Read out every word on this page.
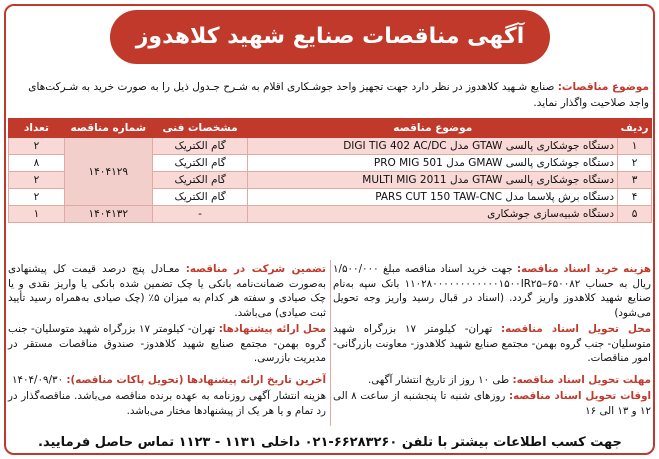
آگهی مناقصات صنایع شهید کلاهدوز
موضوع مناقصات: صنایع شـهید کلاهدوز در نظر دارد جهت تجهیز واحد جوشـکاری اقلام به شـرح جـدول ذیل را به صورت خرید به شـرکت‌های واجد صلاحیت واگذار نماید.
ردیف	موضوع مناقصه	مشخصات فنی	شماره مناقصه	تعداد
۱	دستگاه جوشکاری پالسی GTAW مدل DIGI TIG 402 AC/DC	گام الکتریک	۱۴۰۴۱۲۹	۲
۲	دستگاه جوشکاری پالسی GMAW مدل PRO MIG 501	گام الکتریک		۸
۳	دستگاه جوشکاری پالسی GTAW مدل MULTI MIG 2011	گام الکتریک		۲
۴	دستگاه برش پلاسما مدل PARS CUT 150 TAW-CNC	گام الکتریک		۲
۵	دستگاه شبیه‌سازی جوشکاری	-	۱۴۰۴۱۳۲	۱
هزینه خرید اسناد مناقصه: جهت خرید اسناد مناقصه مبلغ ۱/۵۰۰/۰۰۰ ریال به حساب ۶۵۰۰۸۲–۱۱۰۲۸۰۰۰۰۰۰۰۰۰۰۰۰۱۵۰۰IR۲۵ بانک سپه به‌نام صنایع شهید کلاهدوز واریز گردد. (اسناد در قبال رسید واریز وجه تحویل می‌شود)
محل تحویل اسناد مناقصه: تهران- کیلومتر ۱۷ بزرگراه شهید متوسلیان- جنب گروه بهمن- مجتمع صنایع شهید کلاهدوز- معاونت بازرگانی- امور مناقصات.
مهلت تحویل اسناد مناقصه: طی ۱۰ روز از تاریخ انتشار آگهی.
اوقات تحویل اسناد مناقصه: روزهای شنبه تا پنجشنبه از ساعت ۸ الی ۱۲ و ۱۳ الی ۱۶
تضمین شرکت در مناقصه: معـادل پنج درصد قیمت کل پیشنهادی به‌صورت ضمانت‌نامه بانکی یا چک تضمین شده بانکی یا واریز نقدی و یا چک صیادی و سفته هر کدام به میزان ۵٪ (چک صیادی به‌همراه رسید تأیید ثبت صیادی) می‌باشد.
محل ارائه پیشنهادها: تهران- کیلومتر ۱۷ بزرگراه شهید متوسلیان- جنب گروه بهمن- مجتمع صنایع شهید کلاهدوز- صندوق مناقصات مستقر در مدیریت بازرسی.
آخرین تاریخ ارائه پیشنهادها (تحویل پاکات مناقصه): ۱۴۰۴/۰۹/۳۰
هزینه انتشار آگهی روزنامه به عهده برنده مناقصه می‌باشد. مناقصه‌گذار در رد تمام و یا هر یک از پیشنهادها مختار می‌باشد.
جهت کسب اطلاعات بیشتر با تلفن ۶۶۲۸۳۲۶۰-۰۲۱ داخلی ۱۱۳۱ - ۱۱۲۳ تماس حاصل فرمایید.
